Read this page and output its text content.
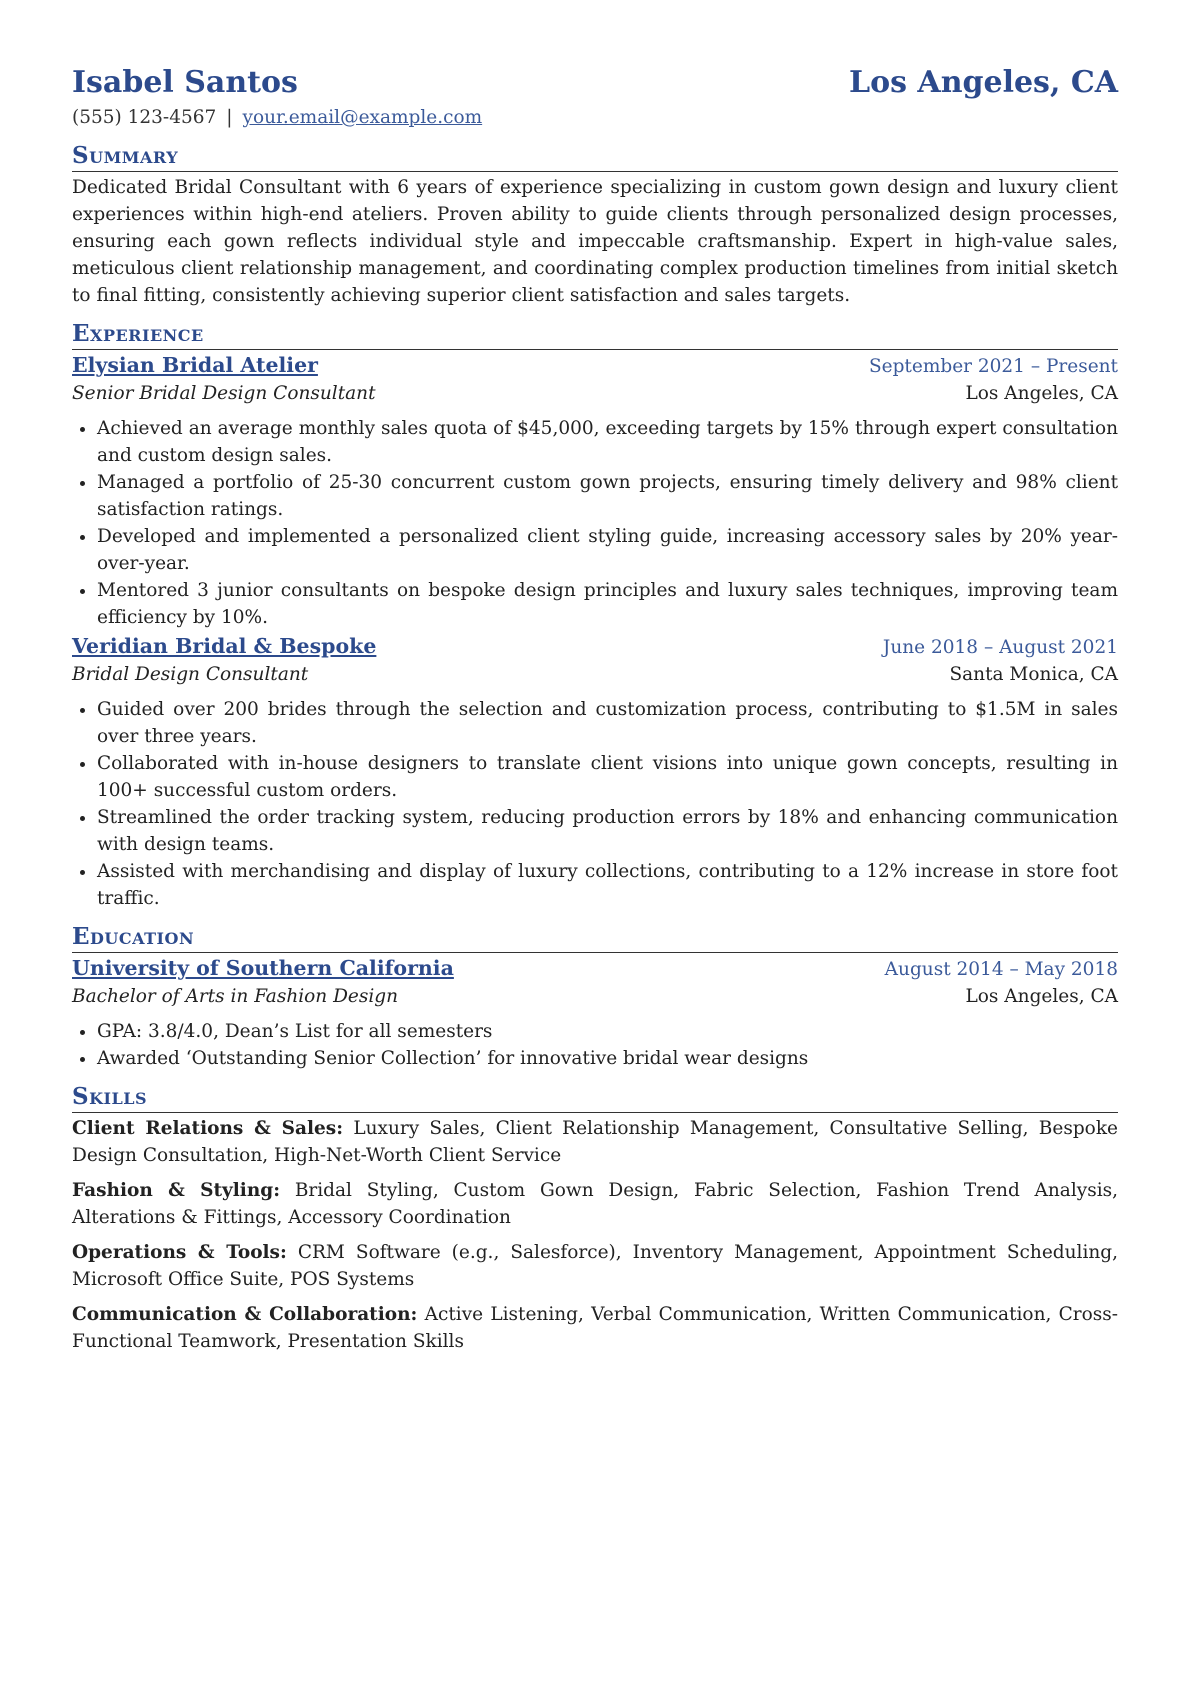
Isabel Santos	Los Angeles, CA
(555) 123-4567 | your.email@example.com
Summary
Dedicated Bridal Consultant with 6 years of experience specializing in custom gown design and luxury client experiences within high-end ateliers. Proven ability to guide clients through personalized design processes, ensuring each gown reflects individual style and impeccable craftsmanship. Expert in high-value sales, meticulous client relationship management, and coordinating complex production timelines from initial sketch to final fitting, consistently achieving superior client satisfaction and sales targets.
Experience
Elysian Bridal Atelier	September 2021 – Present
Senior Bridal Design Consultant	Los Angeles, CA
• Achieved an average monthly sales quota of $45,000, exceeding targets by 15% through expert consultation and custom design sales.
• Managed a portfolio of 25-30 concurrent custom gown projects, ensuring timely delivery and 98% client satisfaction ratings.
• Developed and implemented a personalized client styling guide, increasing accessory sales by 20% year-over-year.
• Mentored 3 junior consultants on bespoke design principles and luxury sales techniques, improving team efficiency by 10%.
Veridian Bridal & Bespoke	June 2018 – August 2021
Bridal Design Consultant	Santa Monica, CA
• Guided over 200 brides through the selection and customization process, contributing to $1.5M in sales over three years.
• Collaborated with in-house designers to translate client visions into unique gown concepts, resulting in 100+ successful custom orders.
• Streamlined the order tracking system, reducing production errors by 18% and enhancing communication with design teams.
• Assisted with merchandising and display of luxury collections, contributing to a 12% increase in store foot traffic.
Education
University of Southern California	August 2014 – May 2018
Bachelor of Arts in Fashion Design	Los Angeles, CA
• GPA: 3.8/4.0, Dean’s List for all semesters
• Awarded ‘Outstanding Senior Collection’ for innovative bridal wear designs
Skills
Client Relations & Sales: Luxury Sales, Client Relationship Management, Consultative Selling, Bespoke Design Consultation, High-Net-Worth Client Service
Fashion & Styling: Bridal Styling, Custom Gown Design, Fabric Selection, Fashion Trend Analysis, Alterations & Fittings, Accessory Coordination
Operations & Tools: CRM Software (e.g., Salesforce), Inventory Management, Appointment Scheduling, Microsoft Office Suite, POS Systems
Communication & Collaboration: Active Listening, Verbal Communication, Written Communication, Cross-Functional Teamwork, Presentation Skills
